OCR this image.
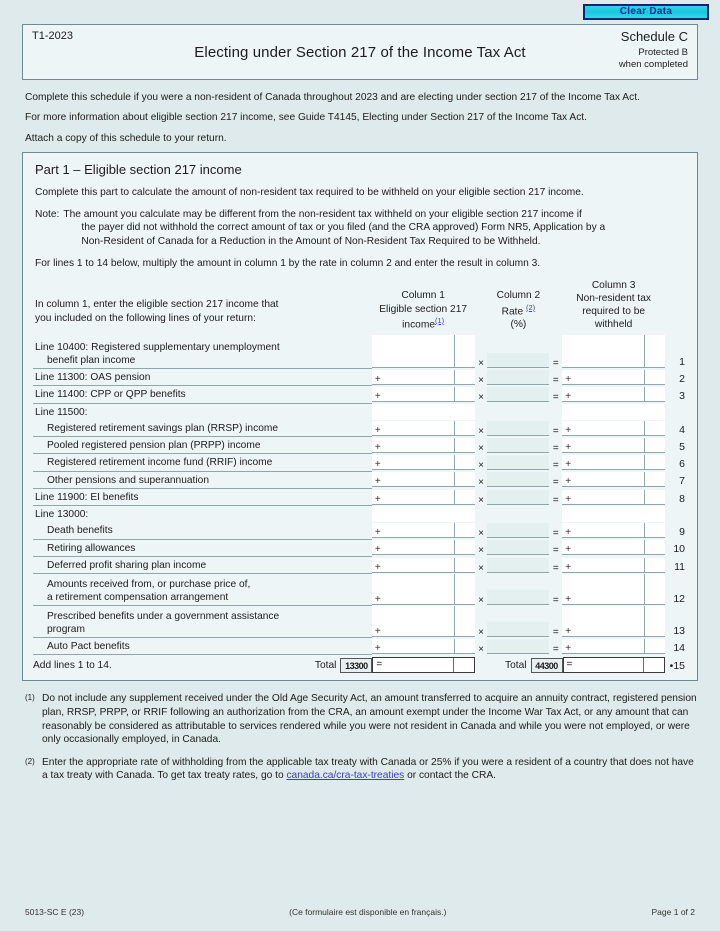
Clear Data
T1-2023
Electing under Section 217 of the Income Tax Act
Schedule C
Protected B
when completed

Complete this schedule if you were a non-resident of Canada throughout 2023 and are electing under section 217 of the Income Tax Act.

For more information about eligible section 217 income, see Guide T4145, Electing under Section 217 of the Income Tax Act.

Attach a copy of this schedule to your return.

Part 1 – Eligible section 217 income
Complete this part to calculate the amount of non-resident tax required to be withheld on your eligible section 217 income.
Note: The amount you calculate may be different from the non-resident tax withheld on your eligible section 217 income if
the payer did not withhold the correct amount of tax or you filed (and the CRA approved) Form NR5, Application by a
Non-Resident of Canada for a Reduction in the Amount of Non-Resident Tax Required to be Withheld.
For lines 1 to 14 below, multiply the amount in column 1 by the rate in column 2 and enter the result in column 3.
In column 1, enter the eligible section 217 income that
you included on the following lines of your return:	Column 1
Eligible section 217
income$^{(1)}$		Column 2
Rate $^{(2)}$
(%)		Column 3
Non-resident tax
required to be withheld	

Line 10400: Registered supplementary unemployment
benefit plan income		×		=		1
Line 11300: OAS pension	+	×		=	+	2
Line 11400: CPP or QPP benefits	+	×		=	+	3
Line 11500:	

Registered retirement savings plan (RRSP) income	+	×		=	+	4

Pooled registered pension plan (PRPP) income	+	×		=	+	5

Registered retirement income fund (RRIF) income	+	×		=	+	6

Other pensions and superannuation	+	×		=	+	7
Line 11900: EI benefits	+	×		=	+	8
Line 13000:	

Death benefits	+	×		=	+	9

Retiring allowances	+	×		=	+	10

Deferred profit sharing plan income	+	×		=	+	11

Amounts received from, or purchase price of,
a retirement compensation arrangement	+	×		=	+	12

Prescribed benefits under a government assistance
program	+	×		=	+	13

Auto Pact benefits	+	×		=	+	14
Add lines 1 to 14.	Total 13300 =	Total 44300 =	•15
(1) Do not include any supplement received under the Old Age Security Act, an amount transferred to acquire an annuity contract, registered pension plan, RRSP, PRPP, or RRIF following an authorization from the CRA, an amount exempt under the Income War Tax Act, or any amount that can reasonably be considered as attributable to services rendered while you were not resident in Canada and while you were not employed, or were only occasionally employed, in Canada.
(2) Enter the appropriate rate of withholding from the applicable tax treaty with Canada or 25% if you were a resident of a country that does not have a tax treaty with Canada. To get tax treaty rates, go to canada.ca/cra-tax-treaties or contact the CRA.
5013-SC E (23)	(Ce formulaire est disponible en français.)	Page 1 of 2
